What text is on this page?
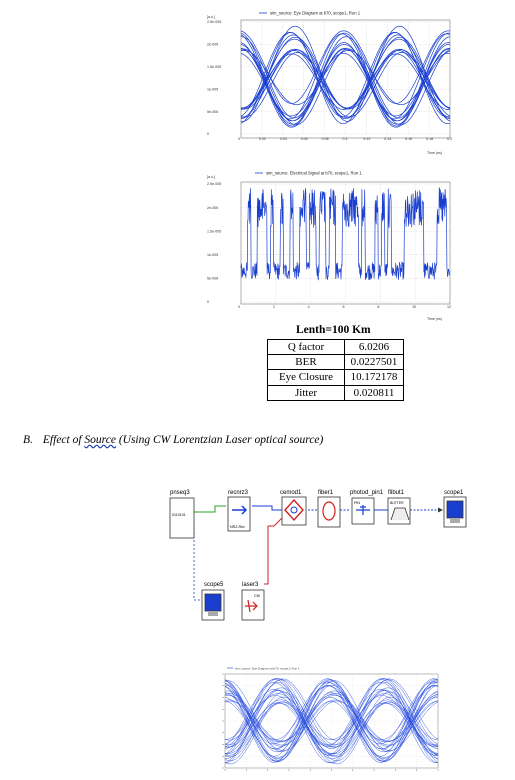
sim_source: Eye Diagram at b70, scope1, Run 1
[a.u.]
2.5e-005
2e-005
1.5e-005
1e-005
5e-006
0
0	0.02	0.04	0.06	0.08	0.1	0.12	0.14	0.16	0.18	0.2
Time (ns)
sim_source: Electrical Signal at b70, scope1, Run 1
[a.u.]
2.5e-005
2e-005
1.5e-005
1e-005
5e-006
0
0	2	4	6	8	10	12
Time (ns)
Lenth=100 Km
Q factor	6.0206
BER	0.0227501
Eye Closure	10.172178
Jitter	0.020811
B. Effect of Source (Using CW Lorentzian Laser optical source)
pnseq3
0110101
recnrz3
NRZ-Rec
cemod1	fiber1	photod_pin1
PIN
filbut1
BUTTER
scope1
scope5	laser3
CW
sim_source: Eye Diagram at b70, scope1, Run 1
